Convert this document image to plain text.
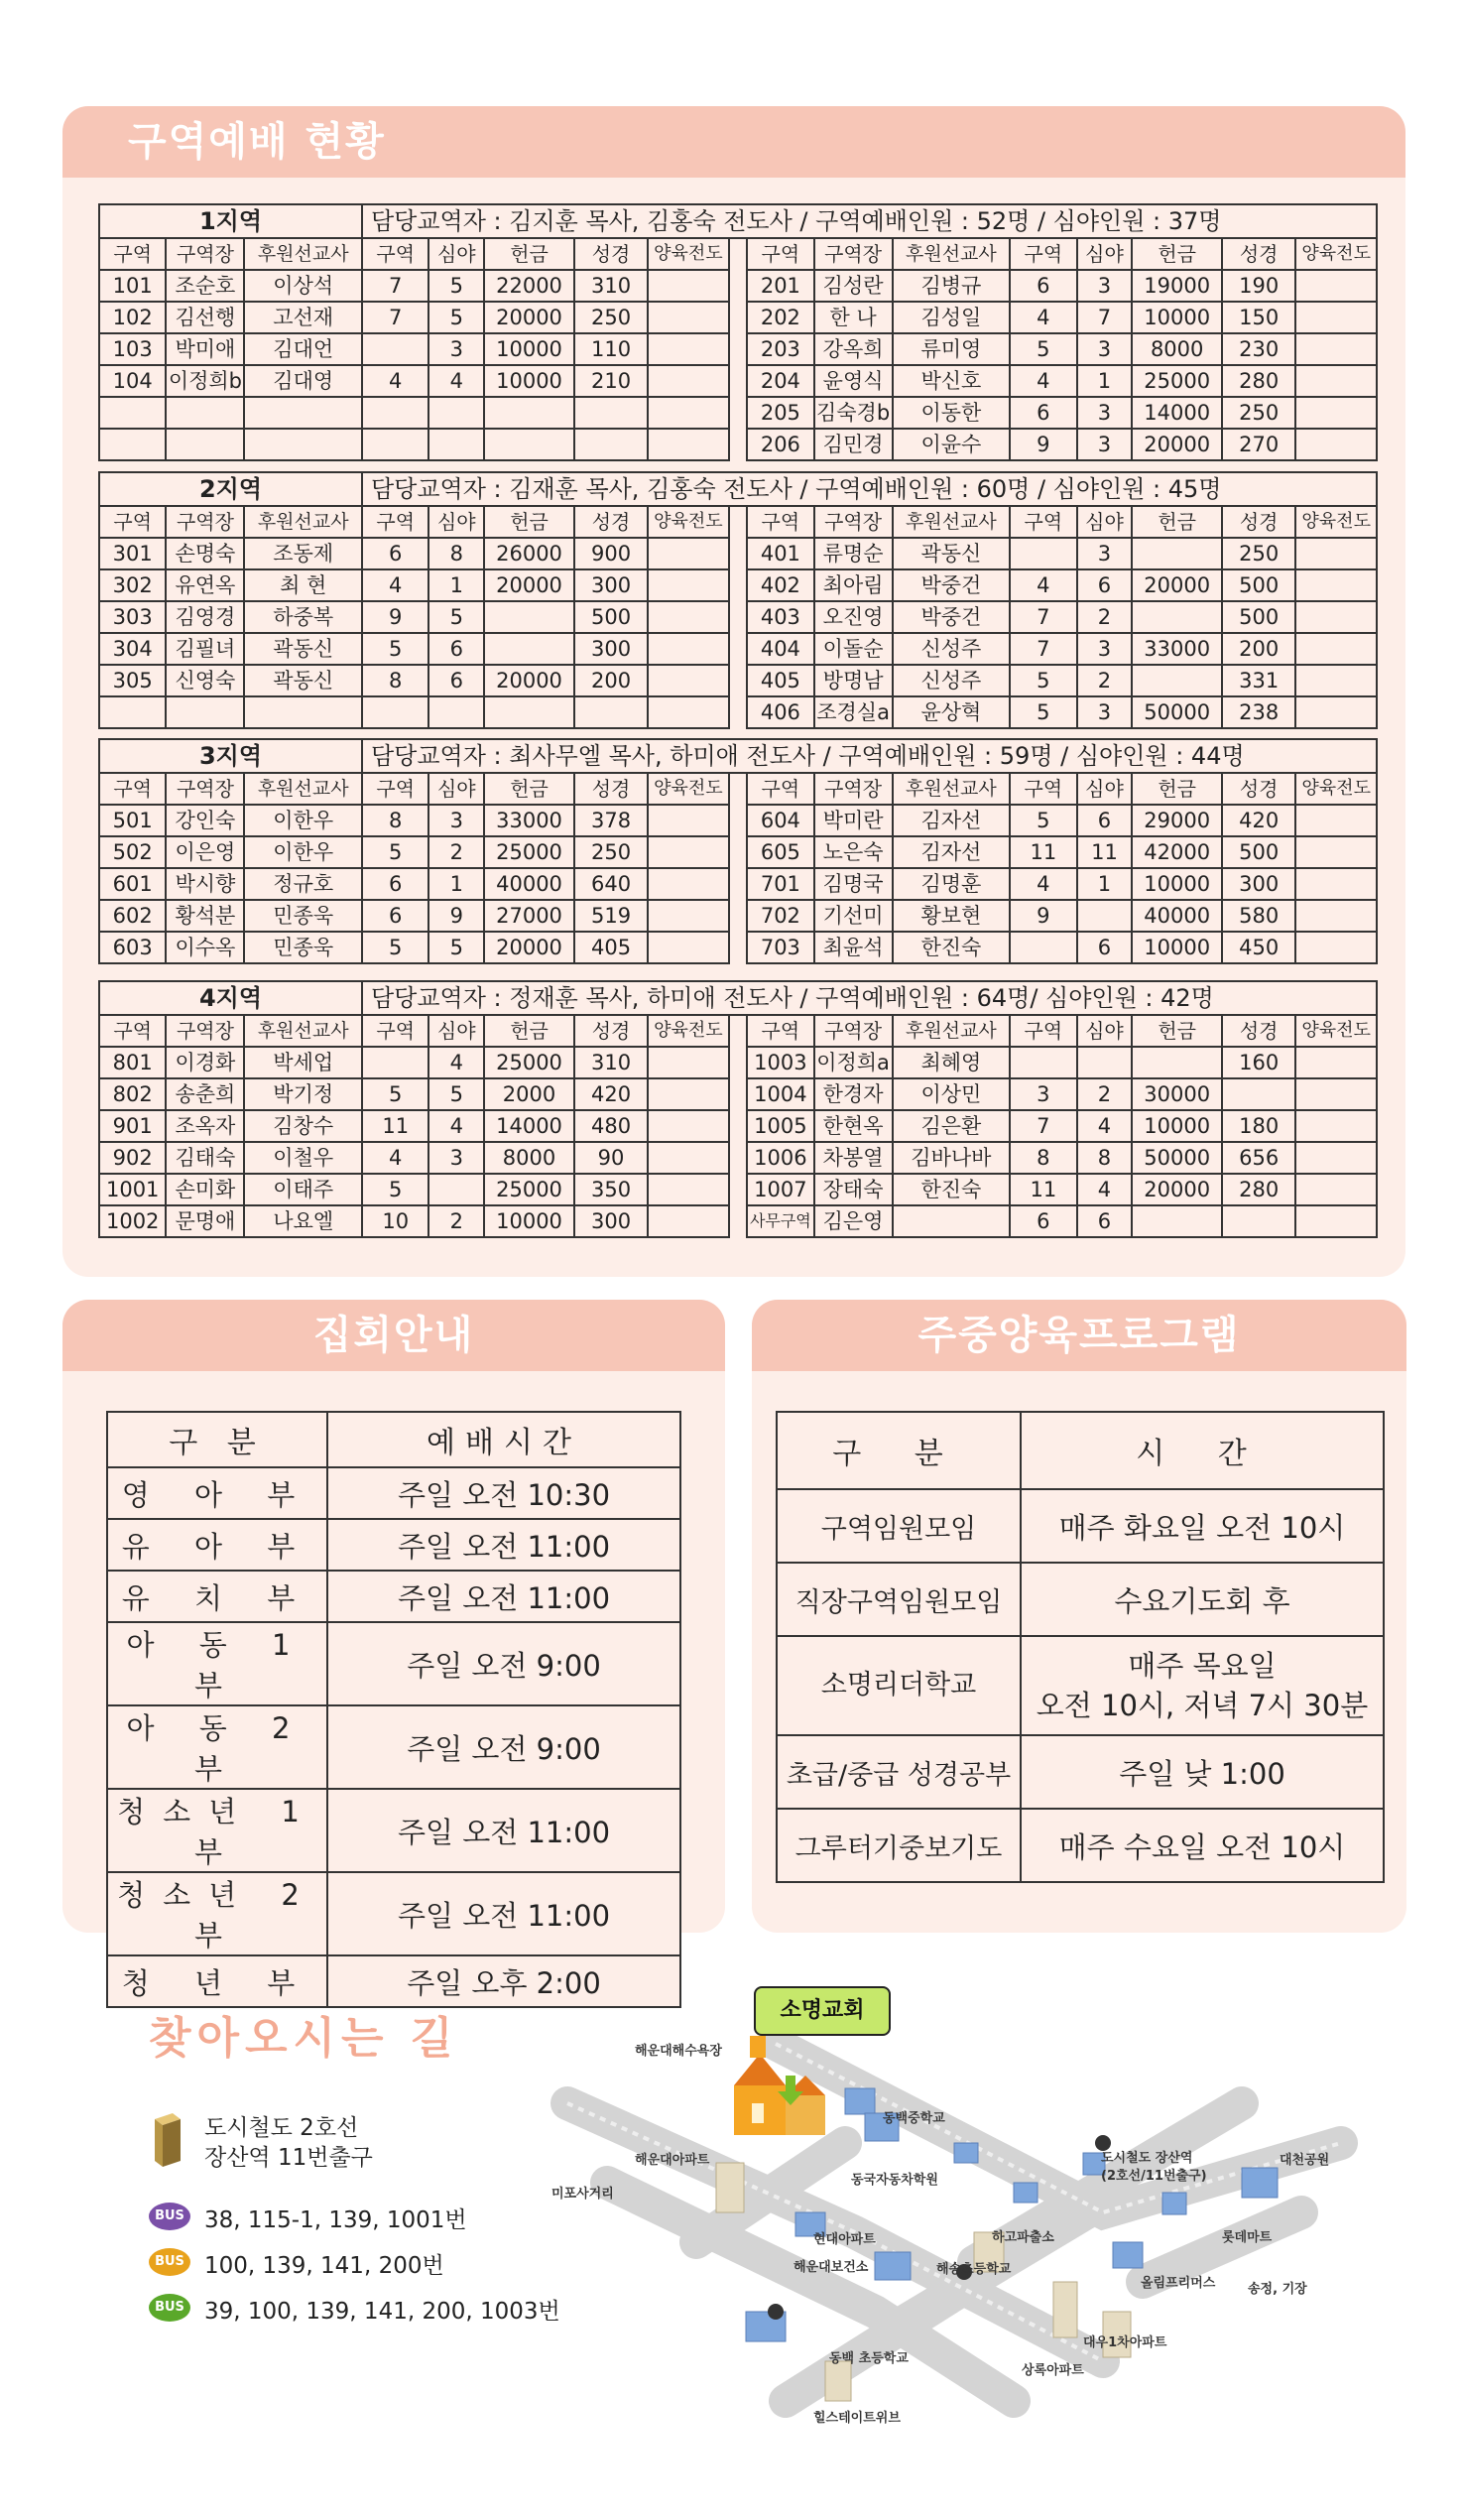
구역예배 현황
1지역			담당교역자 : 김지훈 목사, 김홍숙 전도사 / 구역예배인원 : 52명 / 심야인원 : 37명													
구역	구역장	후원선교사	구역	심야	헌금	성경	양육전도		구역	구역장	후원선교사	구역	심야	헌금	성경	양육전도
101	조순호	이상석	7	5	22000	310			201	김성란	김병규	6	3	19000	190	
102	김선행	고선재	7	5	20000	250			202	한 나	김성일	4	7	10000	150	
103	박미애	김대언		3	10000	110			203	강옥희	류미영	5	3	8000	230	
104	이정희b	김대영	4	4	10000	210			204	윤영식	박신호	4	1	25000	280	
									205	김숙경b	이동한	6	3	14000	250	
									206	김민경	이윤수	9	3	20000	270	
2지역			담당교역자 : 김재훈 목사, 김홍숙 전도사 / 구역예배인원 : 60명 / 심야인원 : 45명													
구역	구역장	후원선교사	구역	심야	헌금	성경	양육전도		구역	구역장	후원선교사	구역	심야	헌금	성경	양육전도
301	손명숙	조동제	6	8	26000	900			401	류명순	곽동신		3		250	
302	유연옥	최 현	4	1	20000	300			402	최아림	박중건	4	6	20000	500	
303	김영경	하중복	9	5		500			403	오진영	박중건	7	2		500	
304	김필녀	곽동신	5	6		300			404	이돌순	신성주	7	3	33000	200	
305	신영숙	곽동신	8	6	20000	200			405	방명남	신성주	5	2		331	
									406	조경실a	윤상혁	5	3	50000	238	
3지역			담당교역자 : 최사무엘 목사, 하미애 전도사 / 구역예배인원 : 59명 / 심야인원 : 44명													
구역	구역장	후원선교사	구역	심야	헌금	성경	양육전도		구역	구역장	후원선교사	구역	심야	헌금	성경	양육전도
501	강인숙	이한우	8	3	33000	378			604	박미란	김자선	5	6	29000	420	
502	이은영	이한우	5	2	25000	250			605	노은숙	김자선	11	11	42000	500	
601	박시향	정규호	6	1	40000	640			701	김명국	김명훈	4	1	10000	300	
602	황석분	민종욱	6	9	27000	519			702	기선미	황보현	9		40000	580	
603	이수옥	민종욱	5	5	20000	405			703	최윤석	한진숙		6	10000	450	
4지역			담당교역자 : 정재훈 목사, 하미애 전도사 / 구역예배인원 : 64명/ 심야인원 : 42명													
구역	구역장	후원선교사	구역	심야	헌금	성경	양육전도		구역	구역장	후원선교사	구역	심야	헌금	성경	양육전도
801	이경화	박세업		4	25000	310			1003	이정희a	최혜영				160	
802	송춘희	박기정	5	5	2000	420			1004	한경자	이상민	3	2	30000		
901	조옥자	김창수	11	4	14000	480			1005	한현옥	김은환	7	4	10000	180	
902	김태숙	이철우	4	3	8000	90			1006	차봉열	김바나바	8	8	50000	656	
1001	손미화	이태주	5		25000	350			1007	장태숙	한진숙	11	4	20000	280	
1002	문명애	나요엘	10	2	10000	300			사무구역	김은영		6	6			
집회안내
구 분	예배시간
영 아 부	주일 오전 10:30
유 아 부	주일 오전 11:00
유 치 부	주일 오전 11:00
아 동 1부	주일 오전 9:00
아 동 2부	주일 오전 9:00
청소년 1부	주일 오전 11:00
청소년 2부	주일 오전 11:00
청 년 부	주일 오후 2:00
주중양육프로그램
구 분	시 간
구역임원모임	매주 화요일 오전 10시
직장구역임원모임	수요기도회 후
소명리더학교	매주 목요일
오전 10시, 저녁 7시 30분

초급/중급 성경공부	주일 낮 1:00
그루터기중보기도	매주 수요일 오전 10시
찾아오시는 길
도시철도 2호선
장산역 11번출구
BUS 38, 115-1, 139, 1001번
BUS 100, 139, 141, 200번
BUS 39, 100, 139, 141, 200, 1003번
소명교회
해운대해수욕장
동백중학교
해운대아파트
동국자동차학원
도시철도 장산역
(2호선/11번출구)
대천공원
미포사거리
현대아파트	하고파출소	롯데마트
해운대보건소	해송초등학교
올림프리머스	송정, 기장
동백 초등학교
대우1차아파트
상록아파트
힐스테이트위브
